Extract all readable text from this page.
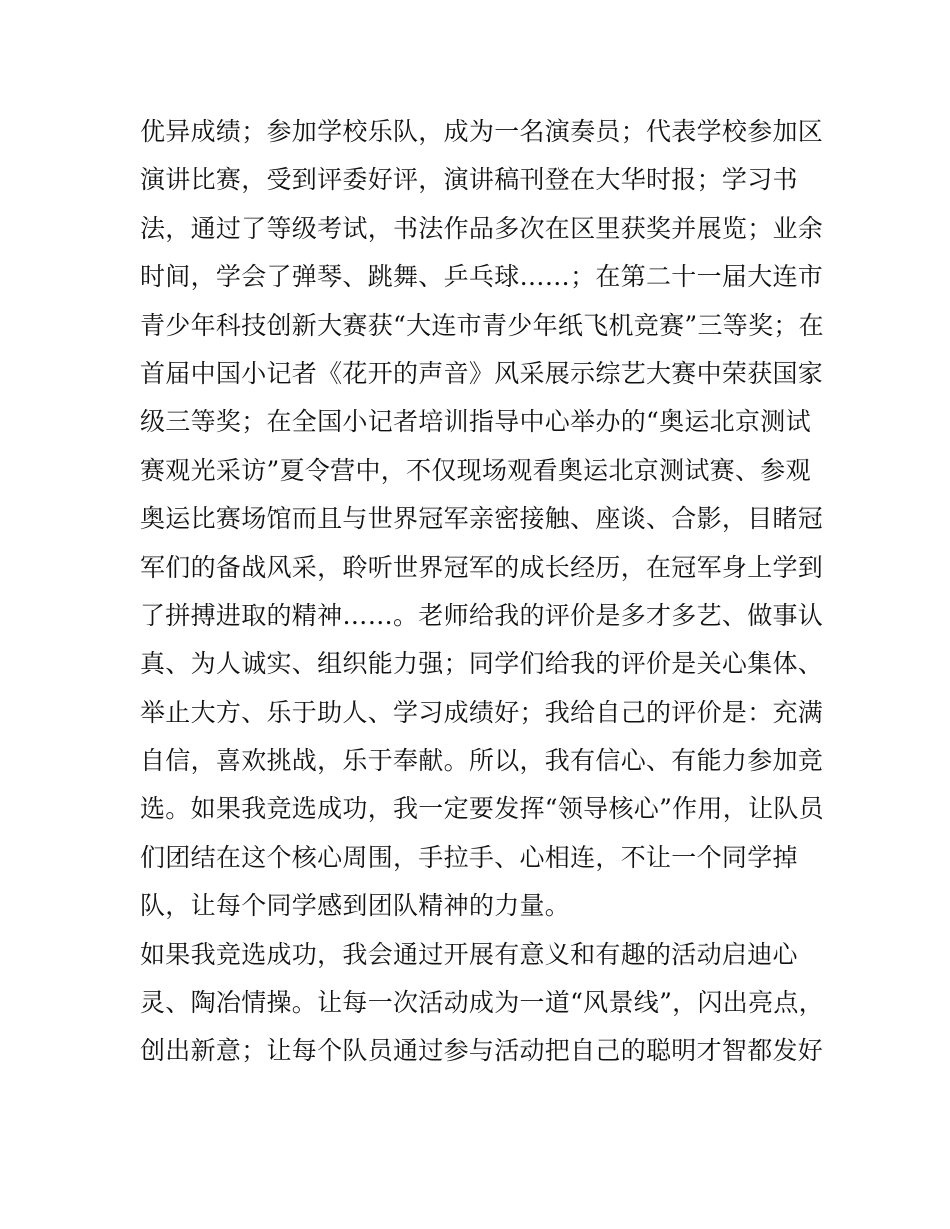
优异成绩；参加学校乐队，成为一名演奏员；代表学校参加区
演讲比赛，受到评委好评，演讲稿刊登在大华时报；学习书
法，通过了等级考试，书法作品多次在区里获奖并展览；业余
时间，学会了弹琴、跳舞、乒乓球……；在第二十一届大连市
青少年科技创新大赛获“大连市青少年纸飞机竞赛”三等奖；在
首届中国小记者《花开的声音》风采展示综艺大赛中荣获国家
级三等奖；在全国小记者培训指导中心举办的“奥运北京测试
赛观光采访”夏令营中，不仅现场观看奥运北京测试赛、参观
奥运比赛场馆而且与世界冠军亲密接触、座谈、合影，目睹冠
军们的备战风采，聆听世界冠军的成长经历，在冠军身上学到
了拼搏进取的精神……。老师给我的评价是多才多艺、做事认
真、为人诚实、组织能力强；同学们给我的评价是关心集体、
举止大方、乐于助人、学习成绩好；我给自己的评价是：充满
自信，喜欢挑战，乐于奉献。所以，我有信心、有能力参加竞
选。如果我竞选成功，我一定要发挥“领导核心”作用，让队员
们团结在这个核心周围，手拉手、心相连，不让一个同学掉
队，让每个同学感到团队精神的力量。
如果我竞选成功，我会通过开展有意义和有趣的活动启迪心
灵、陶冶情操。让每一次活动成为一道“风景线”，闪出亮点，
创出新意；让每个队员通过参与活动把自己的聪明才智都发好
